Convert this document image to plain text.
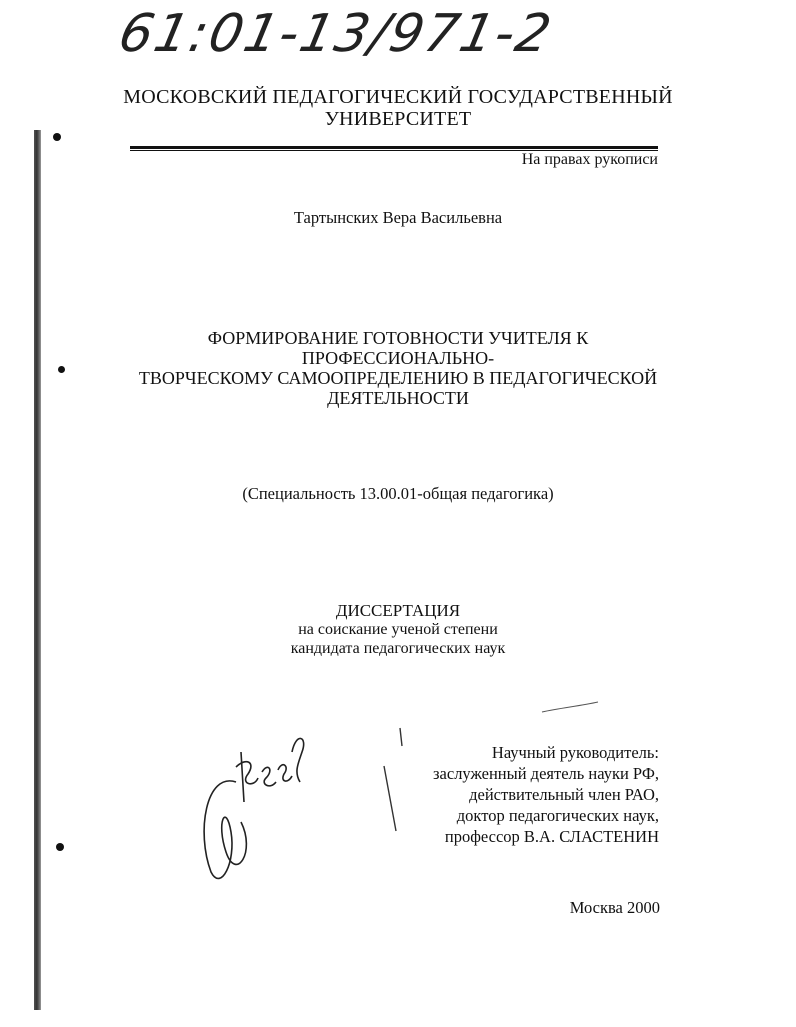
61:01-13/971-2
МОСКОВСКИЙ ПЕДАГОГИЧЕСКИЙ ГОСУДАРСТВЕННЫЙ
УНИВЕРСИТЕТ
На правах рукописи
Тартынских Вера Васильевна
ФОРМИРОВАНИЕ ГОТОВНОСТИ УЧИТЕЛЯ К
ПРОФЕССИОНАЛЬНО-
ТВОРЧЕСКОМУ САМООПРЕДЕЛЕНИЮ В ПЕДАГОГИЧЕСКОЙ
ДЕЯТЕЛЬНОСТИ
(Специальность 13.00.01-общая педагогика)
ДИССЕРТАЦИЯ
на соискание ученой степени
кандидата педагогических наук
Научный руководитель:
заслуженный деятель науки РФ,
действительный член РАО,
доктор педагогических наук,
профессор В.А. СЛАСТЕНИН
Москва 2000
